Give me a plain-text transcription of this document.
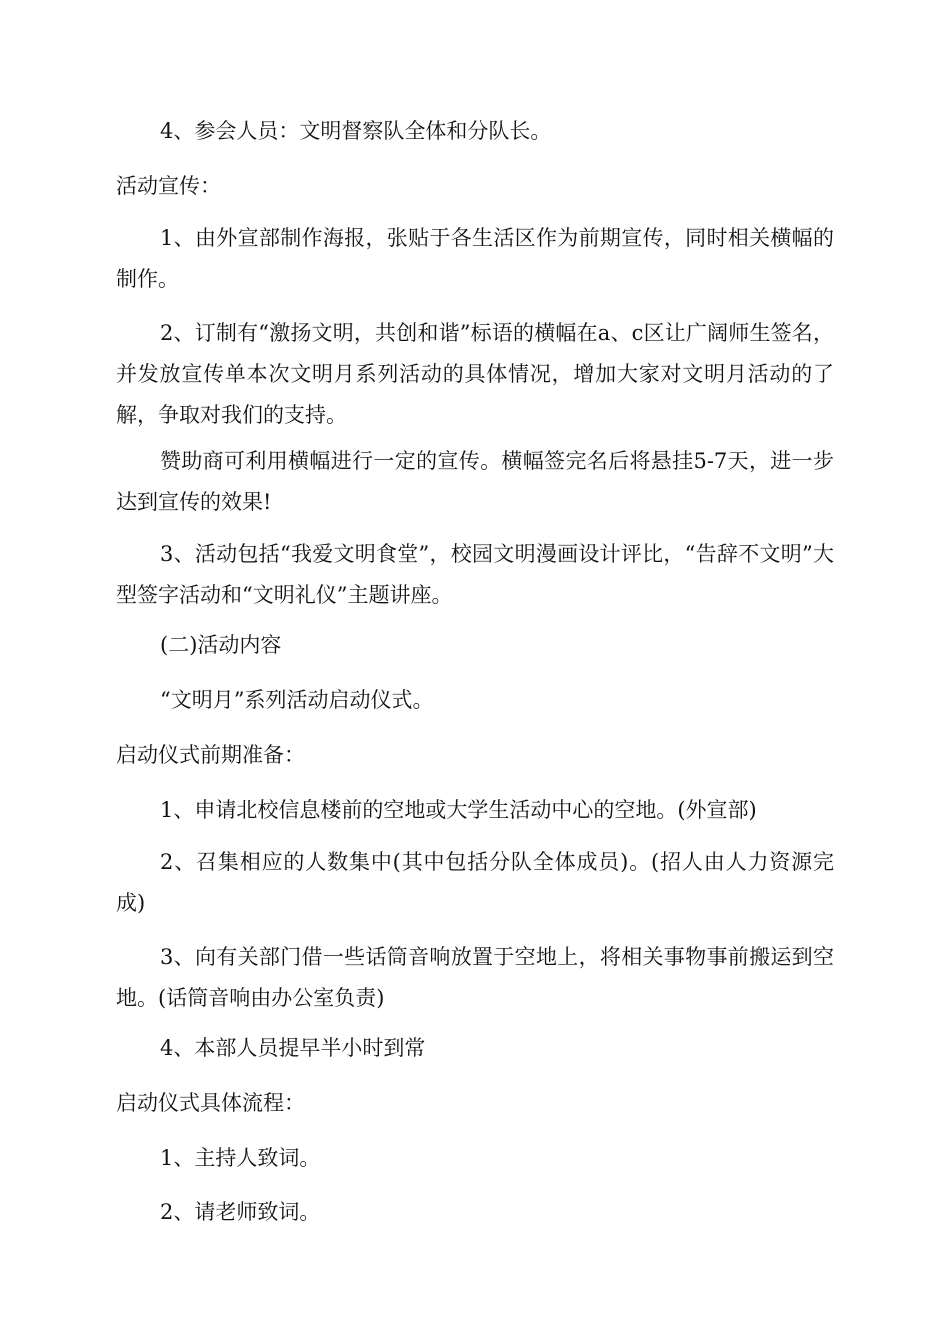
4、参会人员：文明督察队全体和分队长。
活动宣传：
1、由外宣部制作海报，张贴于各生活区作为前期宣传，同时相关横幅的制作。
2、订制有“激扬文明，共创和谐”标语的横幅在a、c区让广阔师生签名，并发放宣传单本次文明月系列活动的具体情况，增加大家对文明月活动的了解，争取对我们的支持。
赞助商可利用横幅进行一定的宣传。横幅签完名后将悬挂5-7天，进一步达到宣传的效果!
3、活动包括“我爱文明食堂”，校园文明漫画设计评比，“告辞不文明”大型签字活动和“文明礼仪”主题讲座。
(二)活动内容
“文明月”系列活动启动仪式。
启动仪式前期准备：
1、申请北校信息楼前的空地或大学生活动中心的空地。(外宣部)
2、召集相应的人数集中(其中包括分队全体成员)。(招人由人力资源完成)
3、向有关部门借一些话筒音响放置于空地上，将相关事物事前搬运到空地。(话筒音响由办公室负责)
4、本部人员提早半小时到常
启动仪式具体流程：
1、主持人致词。
2、请老师致词。
